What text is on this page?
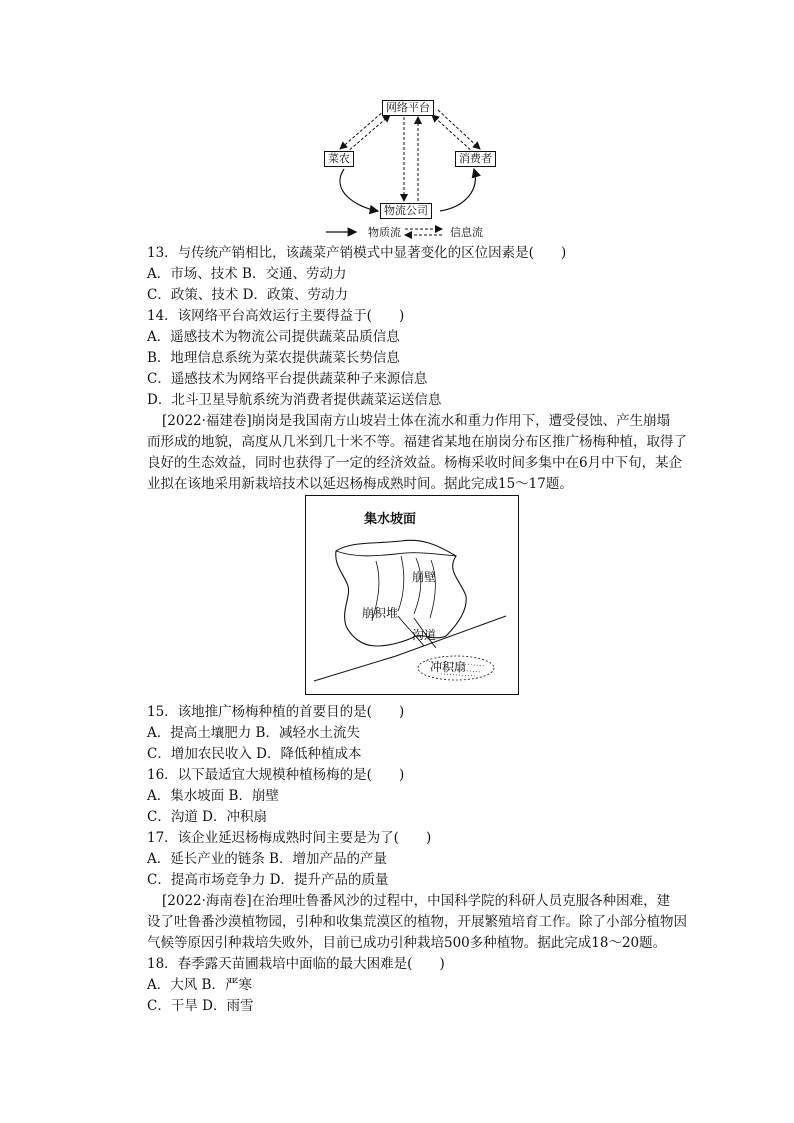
网络平台
菜农	消费者
物流公司
物质流	信息流
13．与传统产销相比，该蔬菜产销模式中显著变化的区位因素是(　　)
A．市场、技术 B．交通、劳动力
C．政策、技术 D．政策、劳动力
14．该网络平台高效运行主要得益于(　　)
A．遥感技术为物流公司提供蔬菜品质信息
B．地理信息系统为菜农提供蔬菜长势信息
C．遥感技术为网络平台提供蔬菜种子来源信息
D．北斗卫星导航系统为消费者提供蔬菜运送信息
[2022·福建卷]崩岗是我国南方山坡岩土体在流水和重力作用下，遭受侵蚀、产生崩塌
而形成的地貌，高度从几米到几十米不等。福建省某地在崩岗分布区推广杨梅种植，取得了
良好的生态效益，同时也获得了一定的经济效益。杨梅采收时间多集中在6月中下旬，某企
业拟在该地采用新栽培技术以延迟杨梅成熟时间。据此完成15～17题。
集水坡面
崩壁
崩积堆
沟道
冲积扇
15．该地推广杨梅种植的首要目的是(　　)
A．提高土壤肥力 B．减轻水土流失
C．增加农民收入 D．降低种植成本
16．以下最适宜大规模种植杨梅的是(　　)
A．集水坡面 B．崩壁
C．沟道 D．冲积扇
17．该企业延迟杨梅成熟时间主要是为了(　　)
A．延长产业的链条 B．增加产品的产量
C．提高市场竞争力 D．提升产品的质量
[2022·海南卷]在治理吐鲁番风沙的过程中，中国科学院的科研人员克服各种困难，建
设了吐鲁番沙漠植物园，引种和收集荒漠区的植物，开展繁殖培育工作。除了小部分植物因
气候等原因引种栽培失败外，目前已成功引种栽培500多种植物。据此完成18～20题。
18．春季露天苗圃栽培中面临的最大困难是(　　)
A．大风 B．严寒
C．干旱 D．雨雪
